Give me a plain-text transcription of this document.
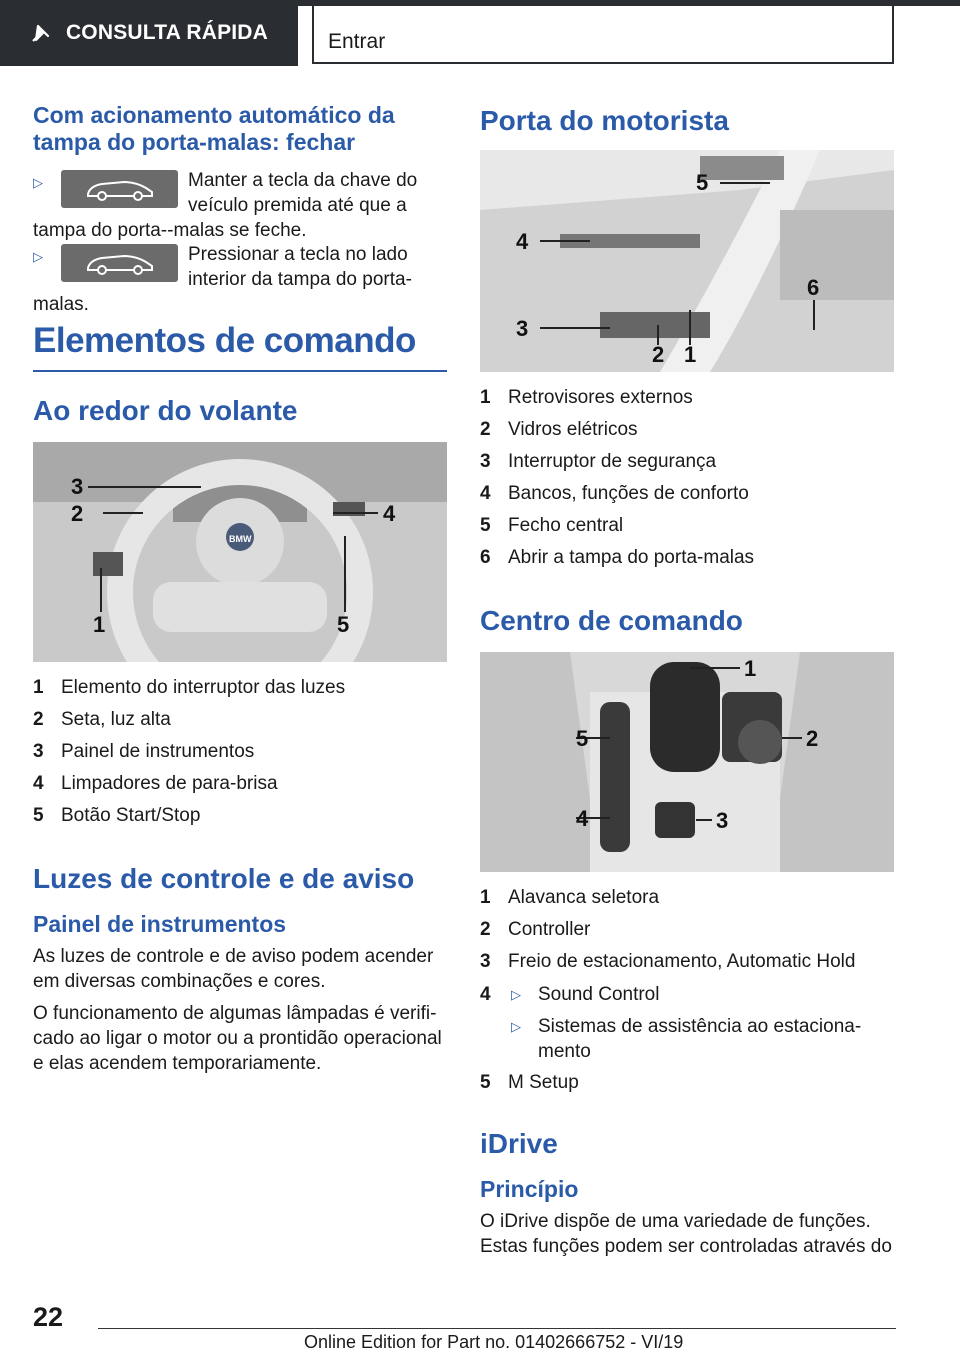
CONSULTA RÁPIDA	Entrar
Com acionamento automático da tampa do porta-malas: fechar
▷	Manter a tecla da chave do veículo premida até que a tampa do porta--malas se feche.
▷	Pressionar a tecla no lado interior da tampa do porta-malas.
Elementos de comando
Ao redor do volante
3
2	4
1	5
BMW
1 Elemento do interruptor das luzes
2 Seta, luz alta
3 Painel de instrumentos
4 Limpadores de para-brisa
5 Botão Start/Stop
Luzes de controle e de aviso
Painel de instrumentos

As luzes de controle e de aviso podem acender em diversas combinações e cores.

O funcionamento de algumas lâmpadas é verifi- cado ao ligar o motor ou a prontidão operacional e elas acendem temporariamente.

Porta do motorista
5
4
3
2 1
6
1 Retrovisores externos
2 Vidros elétricos
3 Interruptor de segurança
4 Bancos, funções de conforto
5 Fecho central
6 Abrir a tampa do porta-malas
Centro de comando
1
2
3
4
5
1 Alavanca seletora
2 Controller
3 Freio de estacionamento, Automatic Hold
4 ▷ Sound Control
▷ Sistemas de assistência ao estaciona- mento
5 M Setup
iDrive
Princípio

O iDrive dispõe de uma variedade de funções. Estas funções podem ser controladas através do

22
Online Edition for Part no. 01402666752 - VI/19
